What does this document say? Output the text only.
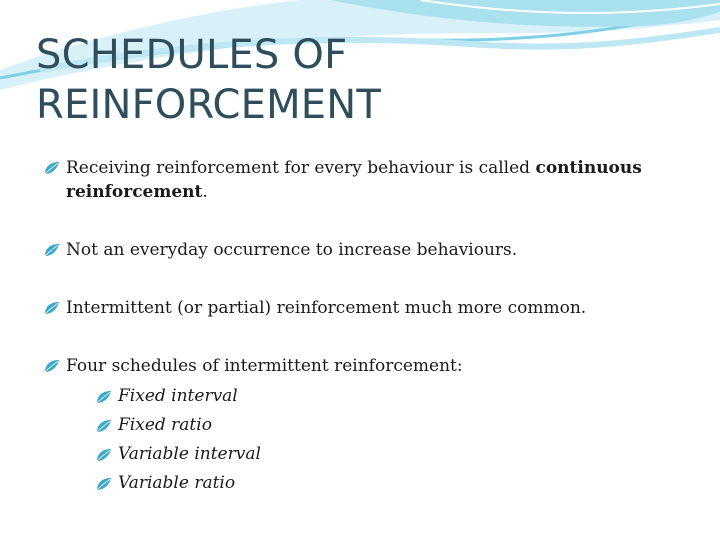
SCHEDULES OF REINFORCEMENT
Receiving reinforcement for every behaviour is called continuous reinforcement.
Not an everyday occurrence to increase behaviours.
Intermittent (or partial) reinforcement much more common.
Four schedules of intermittent reinforcement:
Fixed interval
Fixed ratio
Variable interval
Variable ratio
